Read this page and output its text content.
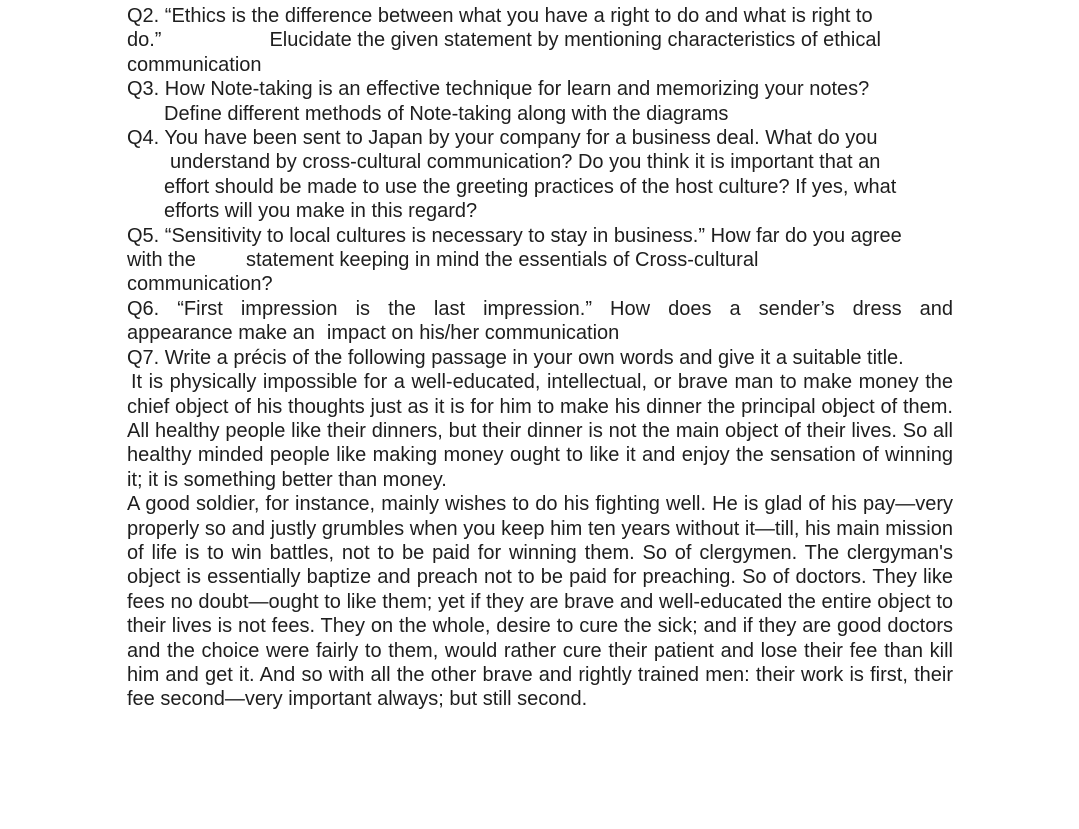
Q2. “Ethics is the difference between what you have a right to do and what is right to
do.”	Elucidate the given statement by mentioning characteristics of ethical
communication

Q3. How Note-taking is an effective technique for learn and memorizing your notes?
Define different methods of Note-taking along with the diagrams

Q4. You have been sent to Japan by your company for a business deal. What do you
understand by cross-cultural communication? Do you think it is important that an
effort should be made to use the greeting practices of the host culture? If yes, what
efforts will you make in this regard?

Q5. “Sensitivity to local cultures is necessary to stay in business.” How far do you agree
with the	statement keeping in mind the essentials of Cross-cultural
communication?

Q6. “First impression is the last impression.” How does a sender’s dress and

appearance make an impact on his/her communication

Q7. Write a précis of the following passage in your own words and give it a suitable title.

It is physically impossible for a well-educated, intellectual, or brave man to make money the chief object of his thoughts just as it is for him to make his dinner the principal object of them. All healthy people like their dinners, but their dinner is not the main object of their lives. So all healthy minded people like making money ought to like it and enjoy the sensation of winning it; it is something better than money.

A good soldier, for instance, mainly wishes to do his fighting well. He is glad of his pay—very properly so and justly grumbles when you keep him ten years without it—till, his main mission of life is to win battles, not to be paid for winning them. So of clergymen. The clergyman's object is essentially baptize and preach not to be paid for preaching. So of doctors. They like fees no doubt—ought to like them; yet if they are brave and well-educated the entire object to their lives is not fees. They on the whole, desire to cure the sick; and if they are good doctors and the choice were fairly to them, would rather cure their patient and lose their fee than kill him and get it. And so with all the other brave and rightly trained men: their work is first, their fee second—very important always; but still second.
